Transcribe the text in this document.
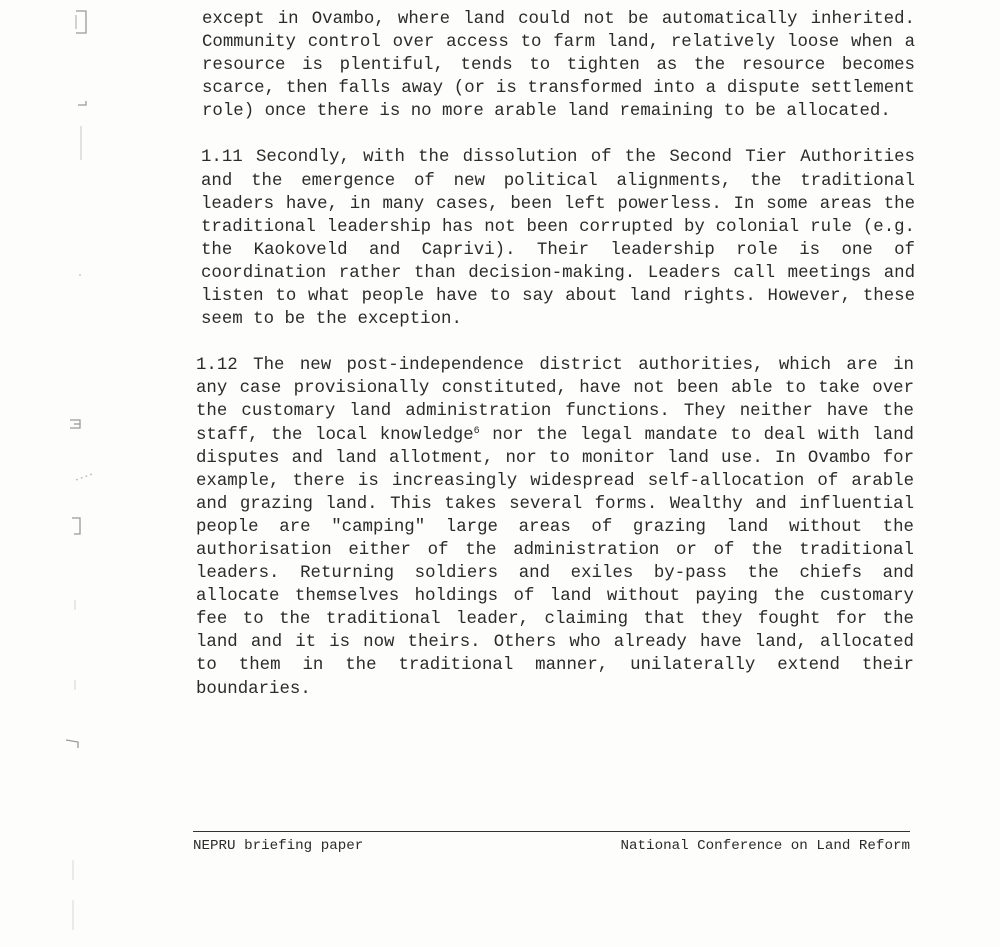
except in Ovambo, where land could not be automatically inherited. Community control over access to farm land, relatively loose when a resource is plentiful, tends to tighten as the resource becomes scarce, then falls away (or is transformed into a dispute settlement role) once there is no more arable land remaining to be allocated.

1.11 Secondly, with the dissolution of the Second Tier Authorities and the emergence of new political alignments, the traditional leaders have, in many cases, been left powerless. In some areas the traditional leadership has not been corrupted by colonial rule (e.g. the Kaokoveld and Caprivi). Their leadership role is one of coordination rather than decision-making. Leaders call meetings and listen to what people have to say about land rights. However, these seem to be the exception.

1.12 The new post-independence district authorities, which are in any case provisionally constituted, have not been able to take over the customary land administration functions. They neither have the staff, the local knowledge$^6$ nor the legal mandate to deal with land disputes and land allotment, nor to monitor land use. In Ovambo for example, there is increasingly widespread self-allocation of arable and grazing land. This takes several forms. Wealthy and influential people are "camping" large areas of grazing land without the authorisation either of the administration or of the traditional leaders. Returning soldiers and exiles by-pass the chiefs and allocate themselves holdings of land without paying the customary fee to the traditional leader, claiming that they fought for the land and it is now theirs. Others who already have land, allocated to them in the traditional manner, unilaterally extend their boundaries.

NEPRU briefing paper	National Conference on Land Reform
